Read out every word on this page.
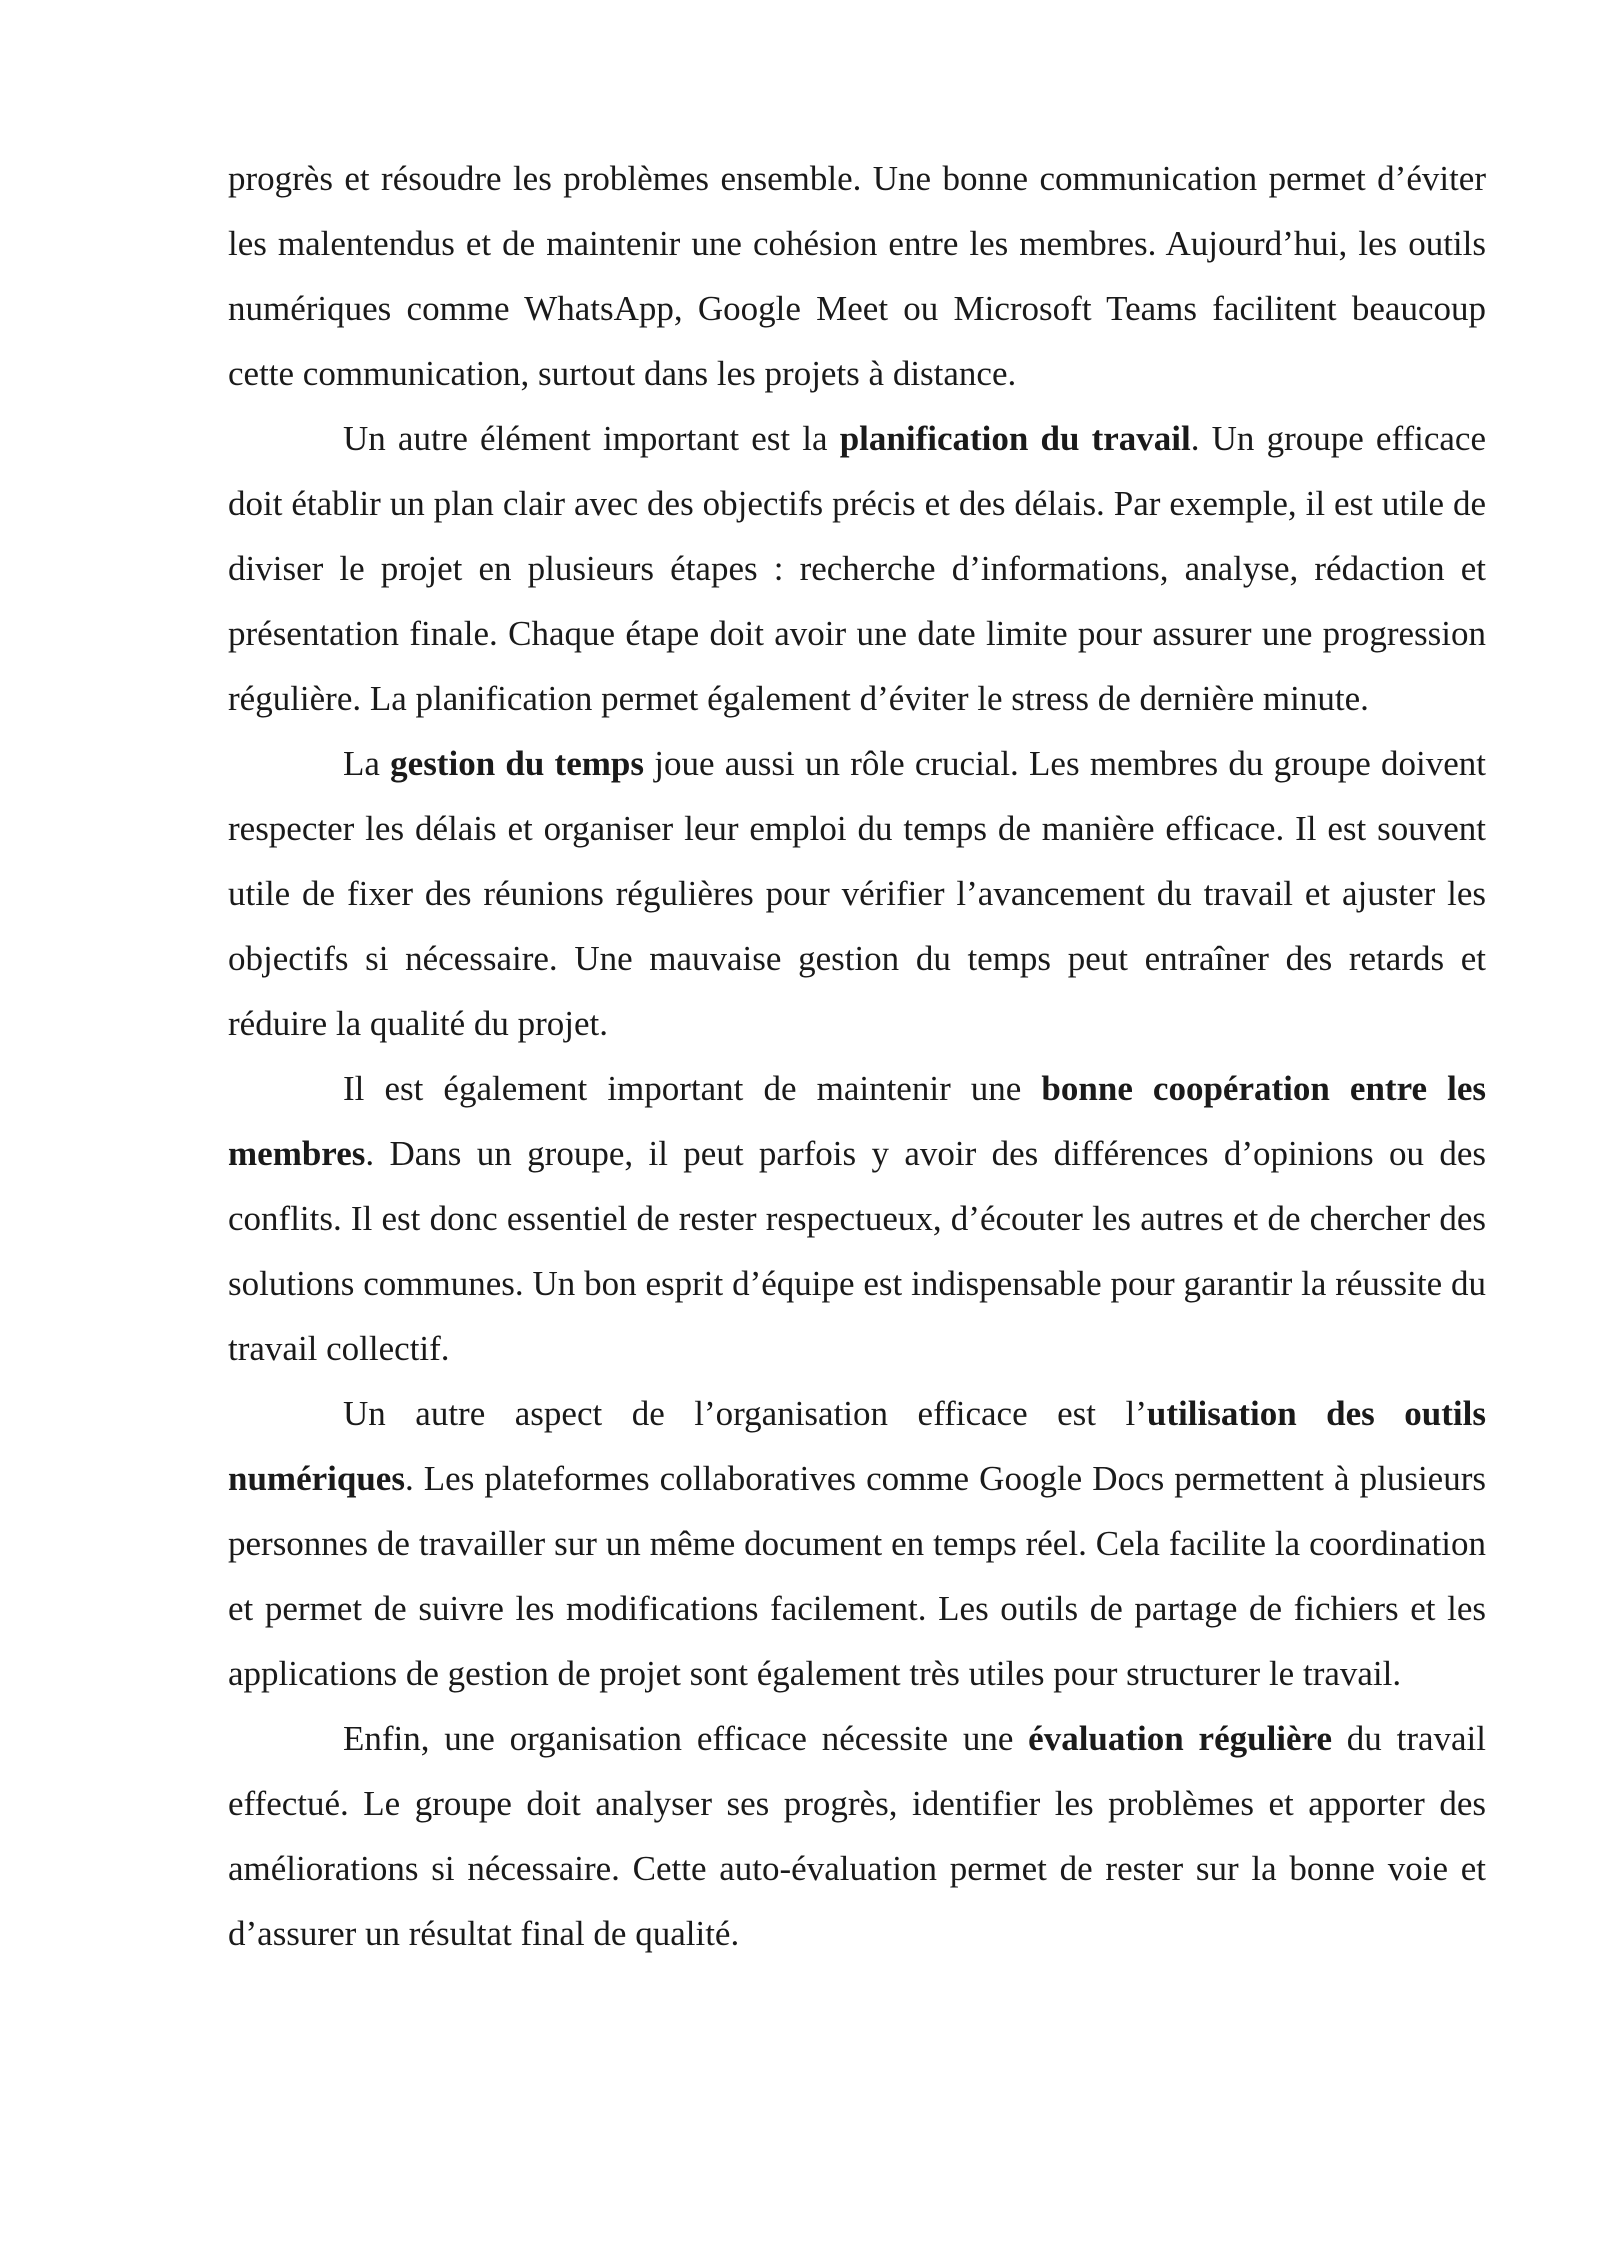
progrès et résoudre les problèmes ensemble. Une bonne communication permet d’éviter les malentendus et de maintenir une cohésion entre les membres. Aujourd’hui, les outils numériques comme WhatsApp, Google Meet ou Microsoft Teams facilitent beaucoup cette communication, surtout dans les projets à distance.

Un autre élément important est la planification du travail. Un groupe efficace doit établir un plan clair avec des objectifs précis et des délais. Par exemple, il est utile de diviser le projet en plusieurs étapes : recherche d’informations, analyse, rédaction et présentation finale. Chaque étape doit avoir une date limite pour assurer une progression régulière. La planification permet également d’éviter le stress de dernière minute.

La gestion du temps joue aussi un rôle crucial. Les membres du groupe doivent respecter les délais et organiser leur emploi du temps de manière efficace. Il est souvent utile de fixer des réunions régulières pour vérifier l’avancement du travail et ajuster les objectifs si nécessaire. Une mauvaise gestion du temps peut entraîner des retards et réduire la qualité du projet.

Il est également important de maintenir une bonne coopération entre les membres. Dans un groupe, il peut parfois y avoir des différences d’opinions ou des conflits. Il est donc essentiel de rester respectueux, d’écouter les autres et de chercher des solutions communes. Un bon esprit d’équipe est indispensable pour garantir la réussite du travail collectif.

Un autre aspect de l’organisation efficace est l’utilisation des outils numériques. Les plateformes collaboratives comme Google Docs permettent à plusieurs personnes de travailler sur un même document en temps réel. Cela facilite la coordination et permet de suivre les modifications facilement. Les outils de partage de fichiers et les applications de gestion de projet sont également très utiles pour structurer le travail.

Enfin, une organisation efficace nécessite une évaluation régulière du travail effectué. Le groupe doit analyser ses progrès, identifier les problèmes et apporter des améliorations si nécessaire. Cette auto-évaluation permet de rester sur la bonne voie et d’assurer un résultat final de qualité.
